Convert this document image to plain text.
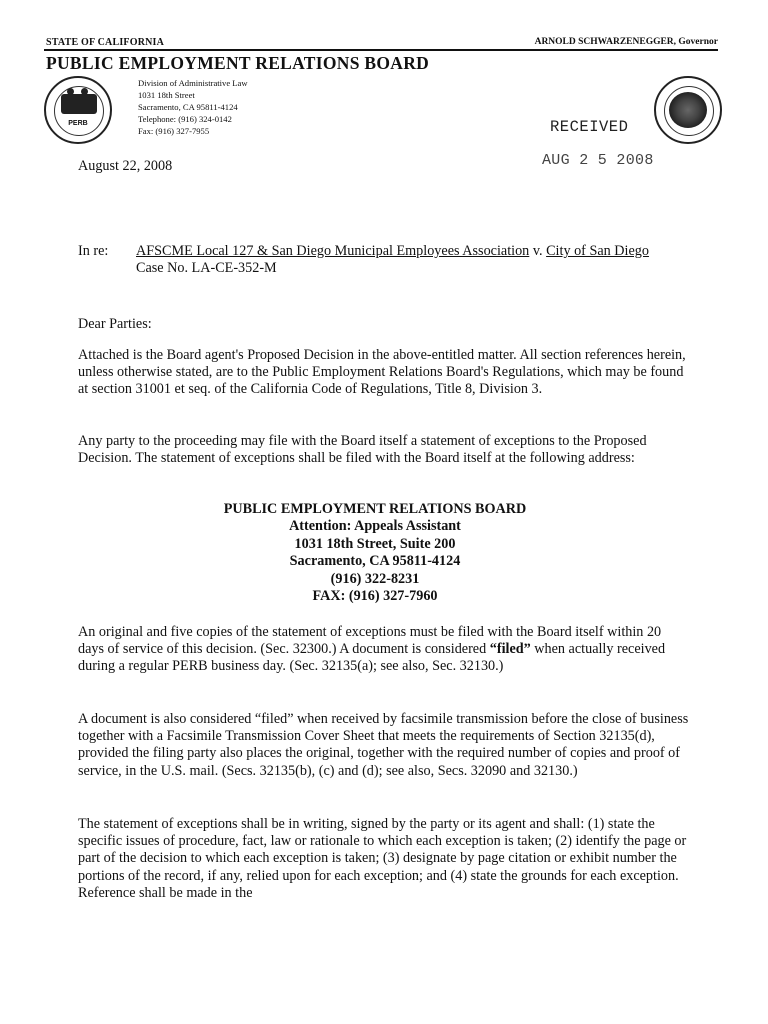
STATE OF CALIFORNIA	ARNOLD SCHWARZENEGGER, Governor
PUBLIC EMPLOYMENT RELATIONS BOARD
PERB
Division of Administrative Law
1031 18th Street
Sacramento, CA 95811-4124
Telephone: (916) 324-0142
Fax: (916) 327-7955	RECEIVED
AUG 2 5 2008
August 22, 2008
In re: AFSCME Local 127 & San Diego Municipal Employees Association v. City of San Diego
Case No. LA-CE-352-M
Dear Parties:
Attached is the Board agent's Proposed Decision in the above-entitled matter. All section references herein, unless otherwise stated, are to the Public Employment Relations Board's Regulations, which may be found at section 31001 et seq. of the California Code of Regulations, Title 8, Division 3.
Any party to the proceeding may file with the Board itself a statement of exceptions to the Proposed Decision. The statement of exceptions shall be filed with the Board itself at the following address:
PUBLIC EMPLOYMENT RELATIONS BOARD
Attention: Appeals Assistant
1031 18th Street, Suite 200
Sacramento, CA 95811-4124
(916) 322-8231
FAX: (916) 327-7960
An original and five copies of the statement of exceptions must be filed with the Board itself within 20 days of service of this decision. (Sec. 32300.) A document is considered “filed” when actually received during a regular PERB business day. (Sec. 32135(a); see also, Sec. 32130.)
A document is also considered “filed” when received by facsimile transmission before the close of business together with a Facsimile Transmission Cover Sheet that meets the requirements of Section 32135(d), provided the filing party also places the original, together with the required number of copies and proof of service, in the U.S. mail. (Secs. 32135(b), (c) and (d); see also, Secs. 32090 and 32130.)
The statement of exceptions shall be in writing, signed by the party or its agent and shall: (1) state the specific issues of procedure, fact, law or rationale to which each exception is taken; (2) identify the page or part of the decision to which each exception is taken; (3) designate by page citation or exhibit number the portions of the record, if any, relied upon for each exception; and (4) state the grounds for each exception. Reference shall be made in the
